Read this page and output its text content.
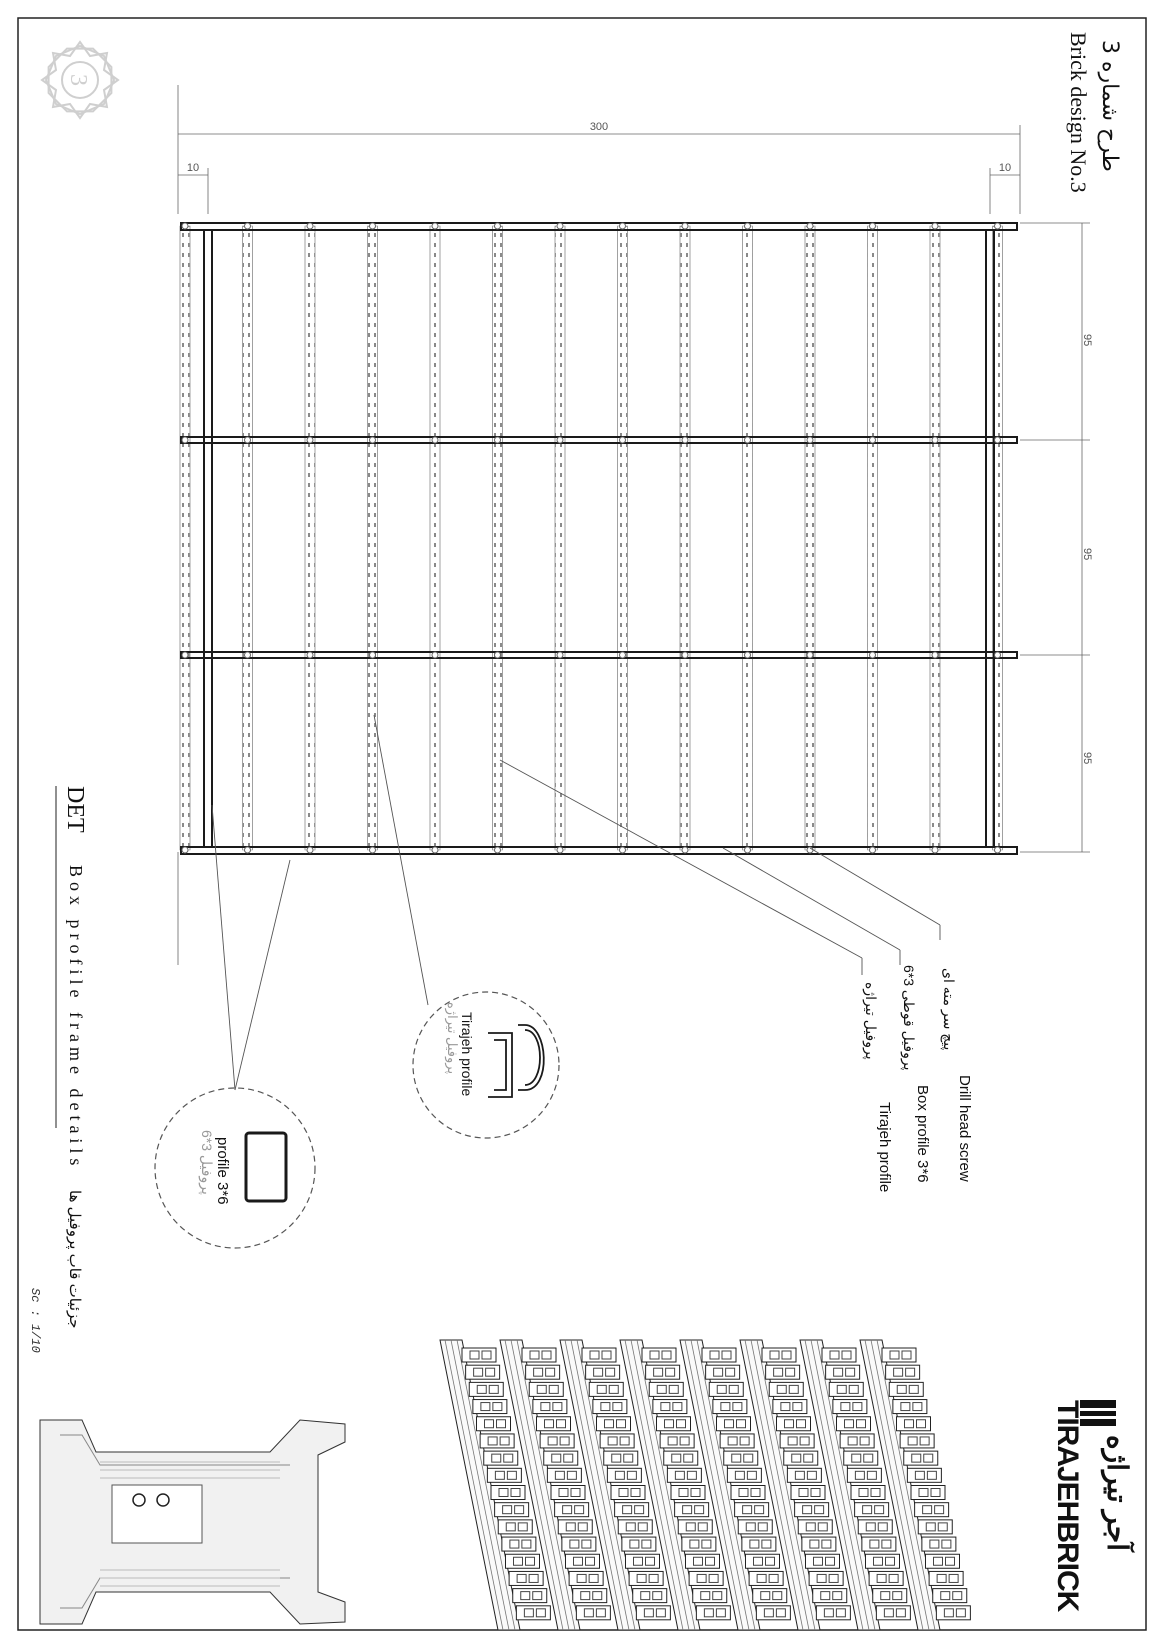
3
طرح شماره 3
Brick design No.3
300
10	10
95
95
95
Drill head screw
پیچ سر مته ای
Box profile 3*6
پروفیل قوطی 3*6
Tirajeh profile
پروفیل تیراژه
Tirajeh profile
پروفیل تیراژه
profile 3*6
پروفیل 3*6
DET
Box profile frame details
جزئیات قاب پروفیل ها
Sc : 1/10
آجر تیراژه
TIRAJEHBRICK
